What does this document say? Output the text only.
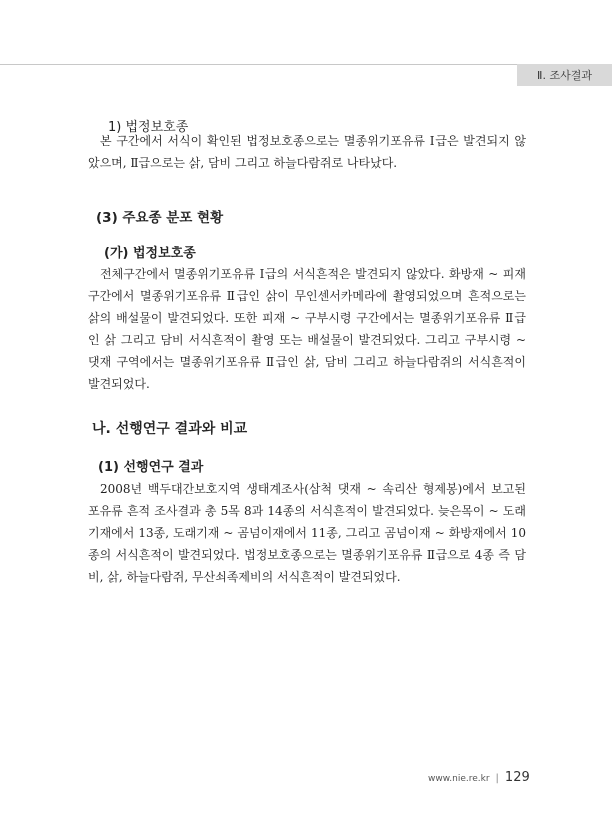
Ⅱ. 조사결과
1) 법정보호종

본 구간에서 서식이 확인된 법정보호종으로는 멸종위기포유류 Ⅰ급은 발견되지 않았으며, Ⅱ급으로는 삵, 담비 그리고 하늘다람쥐로 나타났다.

(3) 주요종 분포 현황
(가) 법정보호종

전체구간에서 멸종위기포유류 Ⅰ급의 서식흔적은 발견되지 않았다. 화방재 ~ 피재 구간에서 멸종위기포유류 Ⅱ급인 삵이 무인센서카메라에 촬영되었으며 흔적으로는 삵의 배설물이 발견되었다. 또한 피재 ~ 구부시령 구간에서는 멸종위기포유류 Ⅱ급인 삵 그리고 담비 서식흔적이 촬영 또는 배설물이 발견되었다. 그리고 구부시령 ~ 댓재 구역에서는 멸종위기포유류 Ⅱ급인 삵, 담비 그리고 하늘다람쥐의 서식흔적이 발견되었다.

나. 선행연구 결과와 비교
(1) 선행연구 결과

2008년 백두대간보호지역 생태계조사(삼척 댓재 ~ 속리산 형제봉)에서 보고된 포유류 흔적 조사결과 총 5목 8과 14종의 서식흔적이 발견되었다. 늦은목이 ~ 도래기재에서 13종, 도래기재 ~ 곰넘이재에서 11종, 그리고 곰넘이재 ~ 화방재에서 10종의 서식흔적이 발견되었다. 법정보호종으로는 멸종위기포유류 Ⅱ급으로 4종 즉 담비, 삵, 하늘다람쥐, 무산쇠족제비의 서식흔적이 발견되었다.

www.nie.re.kr | 129
